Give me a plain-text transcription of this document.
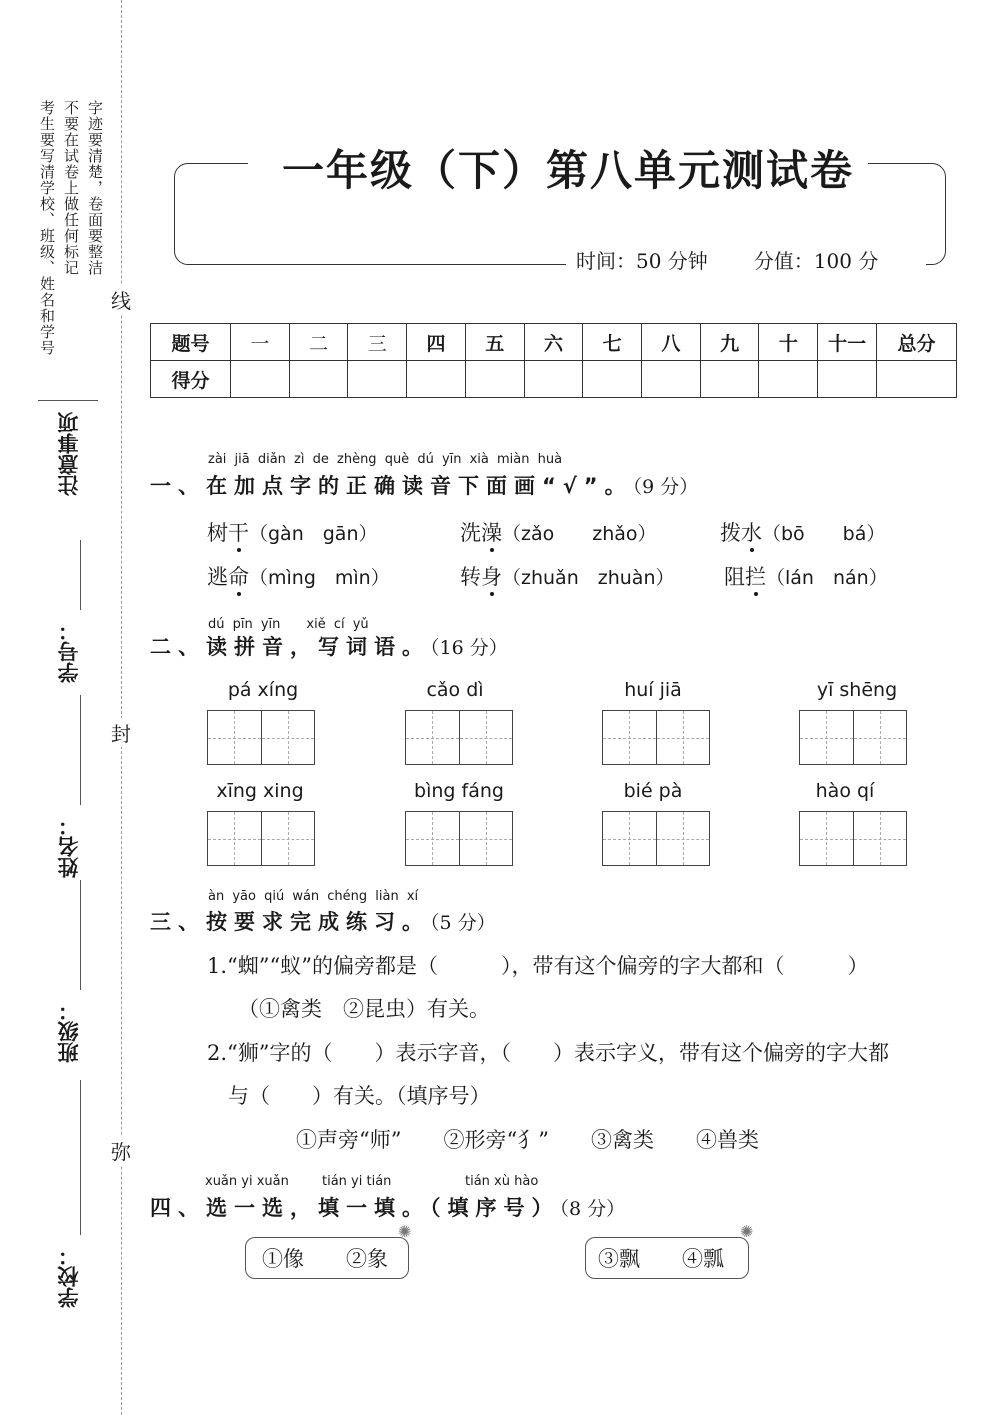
考生要写清学校、班级、姓名和学号 不要在试卷上做任何标记 字迹要清楚，卷面要整洁
注意事项
学号：
姓名：
班级：
学校：
线
封
弥
一年级（下）第八单元测试卷
时间：50 分钟 分值：100 分
题号	一	二	三	四	五	六	七	八	九	十	十一	总分
得分												
zài jiā diǎn zì de zhèng què dú yīn xià miàn huà
一、在加点字的正确读音下面画“√”。（9 分）
树干（gàn　gān）	洗澡（zǎo　　zhǎo）	拨水（bō　　bá）
逃命（mìng　mìn）	转身（zhuǎn　zhuàn） 阻拦（lán　nán）
dú pīn yīn　　xiě cí yǔ
二、读拼音，写词语。（16 分）
pá xíng	cǎo dì	huí jiā	yī shēng
xīng xing	bìng fáng	bié pà	hào qí
àn yāo qiú wán chéng liàn xí
三、按要求完成练习。（5 分）
1.“蜘”“蚁”的偏旁都是（　　　），带有这个偏旁的字大都和（　　　）
（①禽类　②昆虫）有关。
2.“狮”字的（　　）表示字音，（　　）表示字义，带有这个偏旁的字大都
与（　　）有关。（填序号）
①声旁“师”　　②形旁“犭”　　③禽类　　④兽类
xuǎn yi xuǎn	tián yi tián	tián xù hào
四、选一选，填一填。（填序号）（8 分）
①像　　②象
✺
③飘　　④瓢
✺
